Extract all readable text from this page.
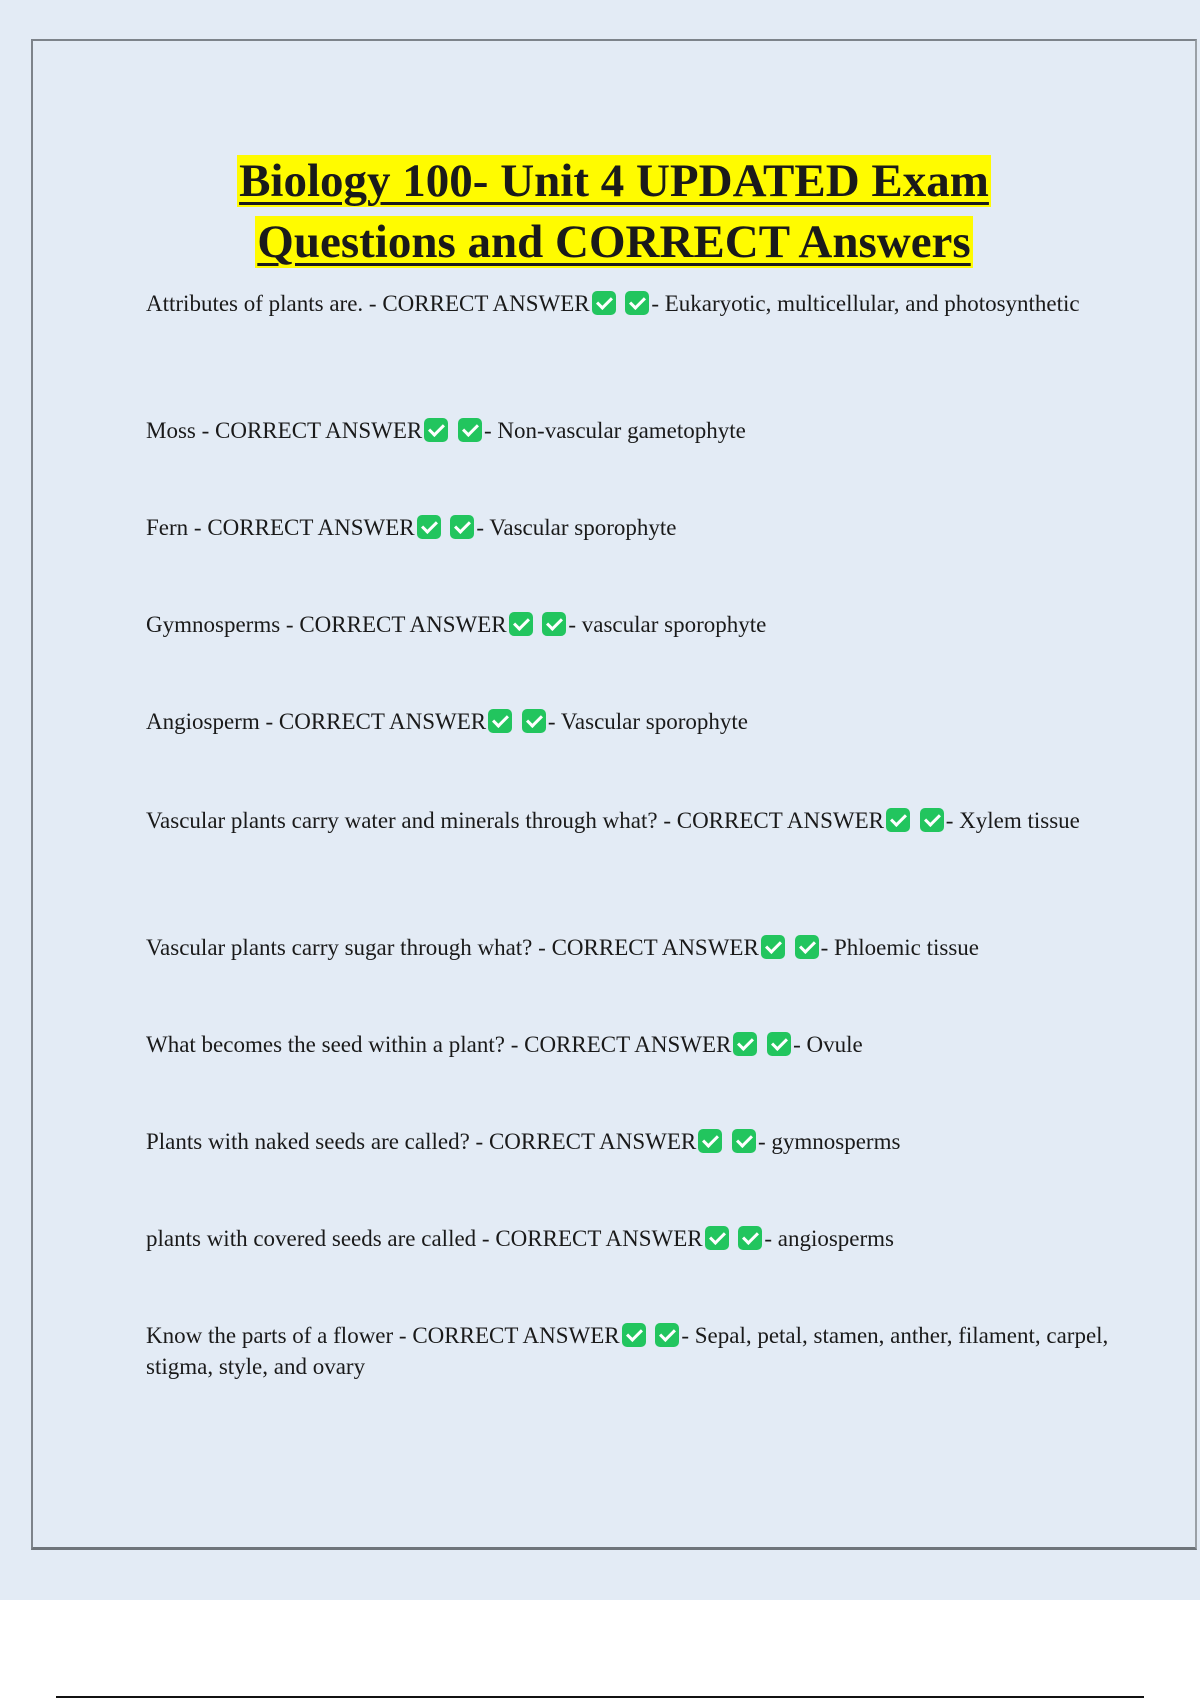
Biology 100- Unit 4 UPDATED Exam
Questions and CORRECT Answers
Attributes of plants are. - CORRECT ANSWER	- Eukaryotic, multicellular, and photosynthetic
Moss - CORRECT ANSWER	- Non-vascular gametophyte
Fern - CORRECT ANSWER	- Vascular sporophyte
Gymnosperms - CORRECT ANSWER	- vascular sporophyte
Angiosperm - CORRECT ANSWER	- Vascular sporophyte
Vascular plants carry water and minerals through what? - CORRECT ANSWER	- Xylem tissue
Vascular plants carry sugar through what? - CORRECT ANSWER	- Phloemic tissue
What becomes the seed within a plant? - CORRECT ANSWER	- Ovule
Plants with naked seeds are called? - CORRECT ANSWER	- gymnosperms
plants with covered seeds are called - CORRECT ANSWER	- angiosperms
Know the parts of a flower - CORRECT ANSWER	- Sepal, petal, stamen, anther, filament, carpel, stigma, style, and ovary
